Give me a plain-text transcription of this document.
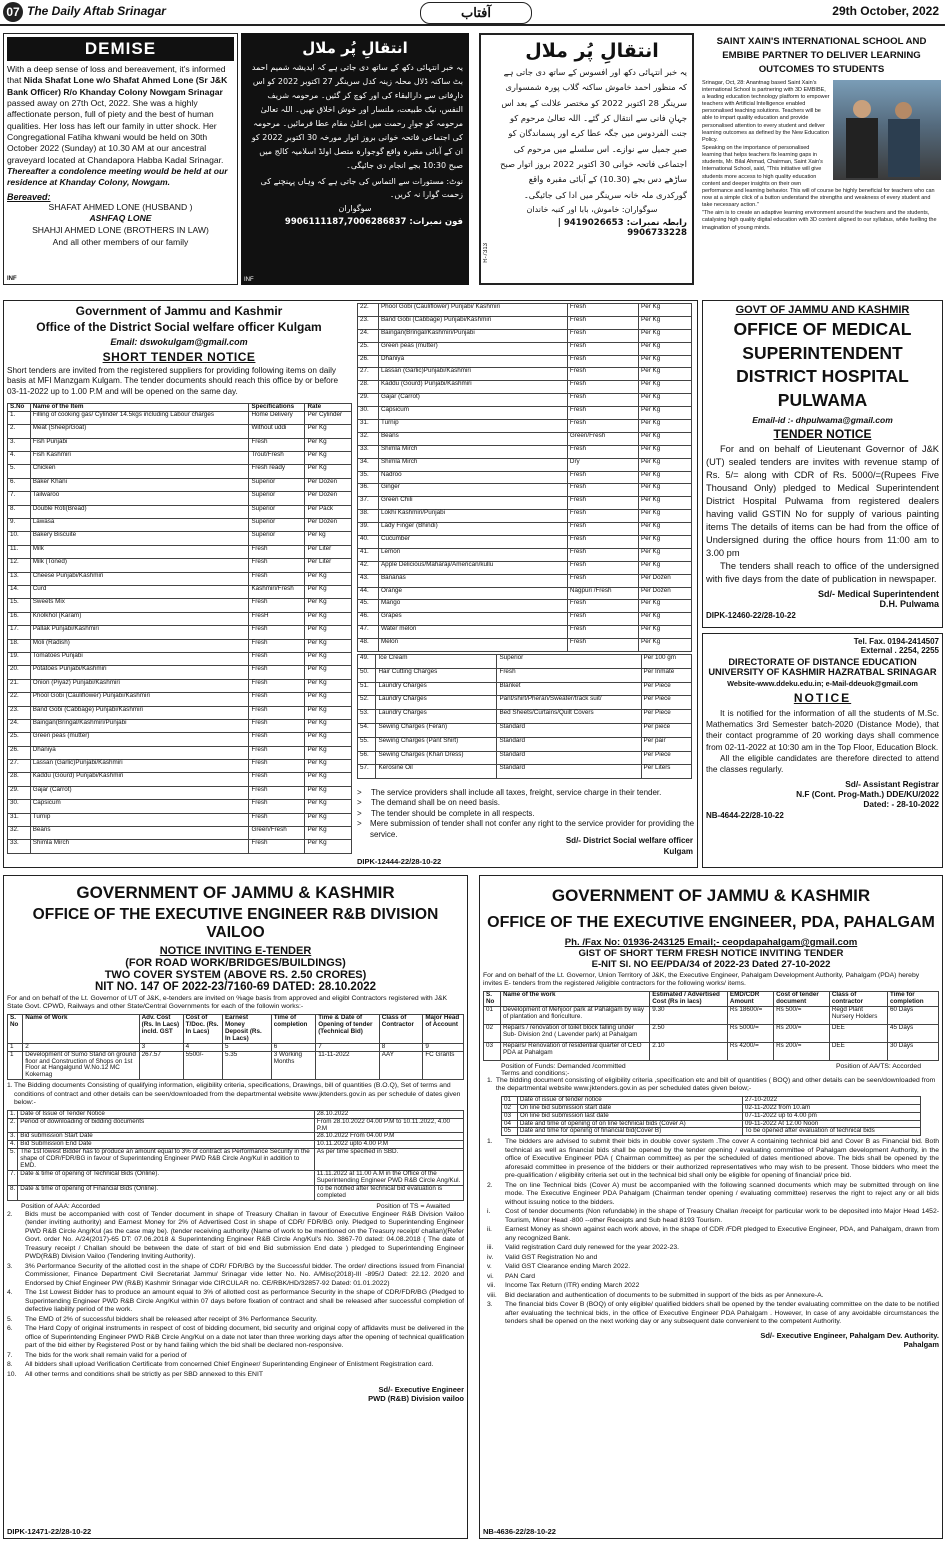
07 The Daily Aftab Srinagar	آفتاب	29th October, 2022
DEMISE
With a deep sense of loss and bereavement, it's informed that Nida Shafat Lone w/o Shafat Ahmed Lone (Sr J&K Bank Officer) R/o Khanday Colony Nowgam Srinagar passed away on 27th Oct, 2022. She was a highly affectionate person, full of piety and the best of human qualities. Her loss has left our family in utter shock. Her Congregational Fatiha khwani would be held on 30th October 2022 (Sunday) at 10.30 AM at our ancestral graveyard located at Chandapora Habba Kadal Srinagar. Thereafter a condolence meeting would be held at our residence at Khanday Colony, Nowgam.
Bereaved:
SHAFAT AHMED LONE (HUSBAND )
ASHFAQ LONE
SHAHJI AHMED LONE (BROTHERS IN LAW)
And all other members of our family
INF
انتقالِ پُر ملال
یہ خبر انتہائی دکھ کے ساتھ دی جاتی ہے کہ ایدیشہ شمیم احمد بٹ ساکنہ ڈلال محلہ زینہ کدل سرینگر 27 اکتوبر 2022 کو اس دارِفانی سے دارالبقاء کی اور کوچ کر گئیں۔ مرحومہ شریف النفس، نیک طبیعت، ملنسار اور خوش اخلاق تھیں۔ اللہ تعالیٰ مرحومہ کو جوارِ رحمت میں اعلیٰ مقام عطا فرمائیں۔ مرحومہ کی اجتماعی فاتحہ خوانی بروز اتوار مورخہ 30 اکتوبر 2022 کو ان کے آبائی مقبرہ واقع گوجوارہ متصل اولڈ اسلامیہ کالج میں صبح 10:30 بجے انجام دی جائیگی۔
نوٹ: مستورات سے التماس کی جاتی ہے کہ وہاں پہنچنے کی زحمت گوارا نہ کریں۔
سوگواران
فون نمبرات: 9906111187,7006286837
INF
انتقالِ پُر ملال
یہ خبر انتہائی دکھ اور افسوس کے ساتھ دی جاتی ہے کہ منظور احمد خاموش ساکنہ گلاب پورہ شمسواری سرینگر 28 اکتوبر 2022 کو مختصر علالت کے بعد اس جہانِ فانی سے انتقال کر گئے۔ اللہ تعالیٰ مرحوم کو جنت الفردوس میں جگہ عطا کرے اور پسماندگان کو صبرِ جمیل سے نوازے۔ اس سلسلے میں مرحوم کی اجتماعی فاتحہ خوانی 30 اکتوبر 2022 بروز اتوار صبح ساڑھے دس بجے (10.30) کے آبائی مقبرہ واقع گورکدری ملہ خانہ سرینگر میں ادا کی جائیگی۔
سوگواران: خاموش، بابا اور کنبہ خاندان
رابطہ نمبرات: 9419026653 | 9906733228
R-7313
SAINT XAIN'S INTERNATIONAL SCHOOL AND EMBIBE PARTNER TO DELIVER LEARNING OUTCOMES TO STUDENTS
Srinagar, Oct, 28: Anantnag based Saint Xain's international School is partnering with 3D EMBIBE, a leading education technology platform to empower teachers with Artificial Intelligence enabled personalised teaching solutions. Teachers will be able to impart quality education and provide personalised attention to every student and deliver learning outcomes as defined by the New Education Policy.
Speaking on the importance of personalised learning that helps teachers fix learning gaps in students, Mr. Bilal Ahmad, Chairman, Saint Xain's International School, said, "This initiative will give students more access to high quality education content and deeper insights on their own performance and learning behavior. This will of course be highly beneficial for teachers who can now at a simple click of a button understand the strengths and weakness of every student and take necessary action."
"The aim is to create an adaptive learning environment around the teachers and the students, catalysing high quality digital education with 3D content aligned to our syllabus, while fuelling the imagination of young minds.
Government of Jammu and Kashmir
Office of the District Social welfare officer Kulgam
Email: dswokulgam@gmail.com
SHORT TENDER NOTICE
Short tenders are invited from the registered suppliers for providing following items on daily basis at MFI Manzgam Kulgam. The tender documents should reach this office by or before 03-11-2022 up to 1.00 P.M and will be opened on the same day.
S.No	Name of the Item	Specifications	Rate
1.	Filling of cooking gas/ Cylinder 14.5kgs including Labour charges	Home Delivery	Per Cylinder
2.	Meat (Sheep/Goat)	Without uddi	Per Kg
3.	Fish Punjabi	Fresh	Per Kg
4.	Fish Kashmiri	Trout/Fresh	Per Kg
5.	Chicken	Fresh ready	Per Kg
6.	Baker Khani	Superior	Per Dozen
7.	Tailwaroo	Superior	Per Dozen
8.	Double Roti(Bread)	Superior	Per Pack
9.	Lawasa	Superior	Per Dozen
10.	Bakery Biscuite	Superior	Per kg
11.	Milk	Fresh	Per Liter
12.	Milk (Toned)	Fresh	Per Liter
13.	Cheese Punjabi/Kashmiri	Fresh	Per Kg
14.	Curd	Kashmiri/Fresh	Per Kg
15.	Sweets Mix	Fresh	Per Kg
16.	Knolkhol (Karam)	FresH	Per Kg
17.	Pallak Punjabi/Kashmiri	Fresh	Per Kg
18.	Moli (Radish)	Fresh	Per Kg
19.	Tomatoes Punjabi	Fresh	Per Kg
20.	Potatoes Punjabi/Kashmiri	Fresh	Per Kg
21.	Onion (Piyaz) Punjabi/Kashmiri	Fresh	Per Kg
22.	Phool Gobi (Cauliflower) Punjabi/Kashmiri	Fresh	Per Kg
23.	Band Gobi (Cabbage) Punjabi/Kashmiri	Fresh	Per Kg
24.	Baingan(Bringal/Kashmiri/Punjabi	Fresh	Per Kg
25.	Green peas (mutter)	Fresh	Per Kg
26.	Dhaniya	Fresh	Per Kg
27.	Lassan (Garlic)Punjabi/Kashmiri	Fresh	Per Kg
28.	Kaddu (Gourd) Punjabi/Kashmiri	Fresh	Per Kg
29.	Gajar (Carrot)	Fresh	Per Kg
30.	Capsicum	Fresh	Per Kg
31.	Turnip	Fresh	Per Kg
32.	Beans	Green/Fresh	Per Kg
33.	Shimla Mirch	Fresh	Per Kg
22.	Phool Gobi (Cauliflower) Punjabi/ Kashmiri	Fresh	Per Kg
23.	Band Gobi (Cabbage) Punjabi/Kashmiri	Fresh	Per Kg
24.	Baingan(Bringal/Kashmiri/Punjabi	Fresh	Per Kg
25.	Green peas (mutter)	Fresh	Per Kg
26.	Dhaniya	Fresh	Per Kg
27.	Lassan (Garlic)Punjabi/Kashmiri	Fresh	Per Kg
28.	Kaddu (Gourd) Punjabi/Kashmiri	Fresh	Per Kg
29.	Gajar (Carrot)	Fresh	Per Kg
30.	Capsicum	Fresh	Per Kg
31.	Turnip	Fresh	Per Kg
32.	Beans	Green/Fresh	Per Kg
33.	Shimla Mirch	Fresh	Per Kg
34.	Shimla Mirch	Dry	Per Kg
35.	Nadroo	Fresh	Per Kg
36.	Ginger	Fresh	Per Kg
37.	Green Chili	Fresh	Per Kg
38.	Lokhi Kashmiri/Punjabi	Fresh	Per Kg
39.	Lady Finger (Bhindi)	Fresh	Per Kg
40.	Cucumber	Fresh	Per Kg
41.	Lemon	Fresh	Per Kg
42.	Apple Delicious/Maharaji/American/kullu	Fresh	Per Kg
43.	Bananas	Fresh	Per Dozen
44.	Orange	Nagpuri /Fresh	Per Dozen
45.	Mango	Fresh	Per Kg
46.	Grapes	Fresh	Per Kg
47.	Water melon	Fresh	Per Kg
48.	Melon	Fresh	Per Kg
49.	Ice Cream	Superior	Per 100 gm
50.	Hair Cutting Charges	Fresh	Per Inmate
51.	Laundry Charges	Blanket	Per Piece
52.	Laundry Charges	Pant/shirt/Pheran/Sweater/track suit/	Per Piece
53.	Laundry Charges	Bed Sheets/Curtains/Quilt Covers	Per Piece
54.	Sewing Charges (Feran)	Standard	Per piece
55.	Sewing Charges (Pant Shirt)	Standard	Per pair
56.	Sewing Charges (Khan Dress)	Standard	Per Piece
57.	Kerosine Oil	Standard	Per Liters
>	The service providers shall include all taxes, freight, service charge in their tender.
>	The demand shall be on need basis.
>	The tender should be complete in all respects.
>	Mere submission of tender shall not confer any right to the service provider for providing the service.
Sd/- District Social welfare officer
Kulgam
DIPK-12444-22/28-10-22
GOVT OF JAMMU AND KASHMIR
OFFICE OF MEDICAL SUPERINTENDENT DISTRICT HOSPITAL PULWAMA
Email-id :- dhpulwama@gmail.com
TENDER NOTICE
For and on behalf of Lieutenant Governor of J&K (UT) sealed tenders are invites with revenue stamp of Rs. 5/= along with CDR of Rs. 5000/=(Rupees Five Thousand Only) pledged to Medical Superintendent District Hospital Pulwama from registered dealers having valid GSTIN No for supply of various painting items The details of items can be had from the office of Undersigned during the office hours from 11:00 am to 3.00 pm
The tenders shall reach to office of the undersigned with five days from the date of publication in newspaper.
Sd/- Medical Superintendent
D.H. Pulwama
DIPK-12460-22/28-10-22
Tel. Fax. 0194-2414507
External . 2254, 2255
DIRECTORATE OF DISTANCE EDUCATION
UNIVERSITY OF KASHMIR HAZRATBAL SRINAGAR
Website-www.ddeku.edu.in; e-Mail-ddeuok@gmail.com
NOTICE
It is notified for the information of all the students of M.Sc. Mathematics 3rd Semester batch-2020 (Distance Mode), that their contact programme of 20 working days shall commence from 02-11-2022 at 10:30 am in the Top Floor, Education Block.
All the eligible candidates are therefore directed to attend the classes regularly.
Sd/- Assistant Registrar
N.F (Cont. Prog-Math.) DDE/KU/2022
Dated: - 28-10-2022
NB-4644-22/28-10-22
GOVERNMENT OF JAMMU & KASHMIR
OFFICE OF THE EXECUTIVE ENGINEER R&B DIVISION VAILOO
NOTICE INVITING E-TENDER
(FOR ROAD WORK/BRIDGES/BUILDINGS)
TWO COVER SYSTEM (ABOVE RS. 2.50 CRORES)
NIT NO. 147 OF 2022-23/7160-69 DATED: 28.10.2022
For and on behalf of the Lt. Governor of UT of J&K, e-tenders are invited on %age basis from approved and eligibl Contractors registered with J&K State Govt. CPWD, Railways and other State/Central Governments for each of the followin works:-
S. No	Name of Work	Adv. Cost (Rs. In Lacs) incld. GST	Cost of T/Doc. (Rs. In Lacs)	Earnest Money Deposit (Rs. In Lacs)	Time of completion	Time & Date of Opening of tender (Technical Bid)	Class of Contractor	Major Head of Account
1	2	3	4	5	6	7	8	9
1	Development of Sumo Stand on ground floor and Construction of Shops on 1st Floor at Hangalgund W.No.12 MC Kokernag	267.57	5500/-	5.35	3 Working Months	11-11-2022	AAY	FC Grants
1. The Bidding documents Consisting of qualifying information, eligibility criteria, specifications, Drawings, bill of quantities (B.O.Q), Set of terms and conditions of contract and other details can be seen/downloaded from the departmental website www.jktenders.gov.in as per schedule of dates given below:-
1.	Date of Issue of Tender Notice	28.10.2022
2.	Period of downloading of bidding documents	From 28.10.2022 04.00 P.M to 10.11.2022, 4.00 P.M
3.	Bid submission Start Date	28.10.2022 From 04.00 P.M
4.	Bid Submission End Date	10.11.2022 upto 4.00 P.M
5.	The 1st lowest Bidder has to produce an amount equal to 3% of contract as Performance Security in the shape of CDR/FDR/BG in favour of Superintending Engineer PWD R&B Circle Ang/Kul in addition to EMD.	As per time specified in SBD.
7.	Date & time of opening of Technical Bids (Online).	11.11.2022 at 11.00 A.M in the Office of the Superintending Engineer PWD R&B Circle Ang/Kul.
8.	Date & time of opening of Financial Bids (Online).	To be notified after technical bid evaluation is completed
Position of AAA: Accorded	Position of TS = Awaited
2.	Bids must be accompanied with cost of Tender document in shape of Treasury Challan in favour of Executive Engineer R&B Division Vailoo (tender inviting authority) and Earnest Money for 2% of Advertised Cost in shape of CDR/ FDR/BG only. Pledged to Superintending Engineer PWD R&B Circle Ang/Kul (as the case may be). (tender receiving authority (Name of work to be mentioned on the Treasury receipt/ challan)(Refer Govt. order No. A/24(2017)-65 DT: 07.06.2018 & Superintending Engineer R&B Circle Ang/Kul's No. 3867-70 dated: 04.08.2018 ( The date of Treasury receipt / Challan should be between the date of start of bid end Bid submission End date ) pledged to Superintending Engineer PWD(R&B) Division Vailoo (Tendering Inviting Authority).
3.	3% Performance Security of the allotted cost in the shape of CDR/ FDR/BG by the Successful bidder. The order/ directions issued from Financial Commissioner, Finance Department Civil Secretariat Jammu/ Srinagar vide letter No. No. A/Misc(2018)-III -895/J Dated: 22.12. 2020 and Endorsed by Chief Engineer PW (R&B) Kashmir Srinagar vide CIRCULAR no. CE/RBK/HD/32857-92 Dated: 01.01.2022)
4.	The 1st Lowest Bidder has to produce an amount equal to 3% of allotted cost as performance Security in the shape of CDR/FDR/BG (Pledged to Superintending Engineer PWD R&B Circle Ang/Kul within 07 days before fixation of contract and shall be released after successful completion of defective liability period of the work.
5.	The EMD of 2% of successful bidders shall be released after receipt of 3% Performance Security.
6.	The Hard Copy of original instruments in respect of cost of bidding document, bid security and original copy of affidavits must be delivered in the office of Superintending Engineer PWD R&B Circle Ang/Kul on a date not later than three working days after the opening of technical qualification part of the bid either by Registered Post or by hand failing which the bid shall be declared non-responsive.
7.	The bids for the work shall remain valid for a period of
8.	All bidders shall upload Verification Certificate from concerned Chief Engineer/ Superintending Engineer of Enlistment Registration card.
10.	All other terms and conditions shall be strictly as per SBD annexed to this ENIT
Sd/- Executive Engineer
PWD (R&B) Division vailoo
DIPK-12471-22/28-10-22
GOVERNMENT OF JAMMU & KASHMIR
OFFICE OF THE EXECUTIVE ENGINEER, PDA, PAHALGAM
Ph. /Fax No: 01936-243125 Email;- ceopdapahalgam@gmail.com
GIST OF SHORT TERM FRESH NOTICE INVITING TENDER
E-NIT Sl. NO EE/PDA/34 of 2022-23 Dated 27-10-2022
For and on behalf of the Lt. Governor, Union Territory of J&K, the Executive Engineer, Pahalgam Development Authority, Pahalgam (PDA) hereby invites E- tenders from the registered /eligible contractors for the following works/ items.
S. No	Name of the work	Estimated / Advertised Cost (Rs in lacs)	EMD/CDR Amount	Cost of tender document	Class of contractor	Time for completion
01	Development of Mehjoor park at Pahalgam by way of plantation and floriculture.	9.30	Rs 18600/=	Rs 500/=	Regd Plant Nursery Holders	60 Days
02	Repairs / renovation of toilet block falling under Sub- Division 2nd ( Lavender park) at Pahalgam	2.50	Rs 5000/=	Rs 200/=	DEE	45 Days
03	Repairs/ Renovation of residential quarter of CEO PDA at Pahalgam	2.10	Rs 4200/=	Rs 200/=	DEE	30 Days
Position of Funds: Demanded /committed	Position of AA/TS: Accorded
Terms and conditions;-
1. The bidding document consisting of eligibility criteria ,specification etc and bill of quantities ( BOQ) and other details can be seen/downloaded from the departmental website www.jktenders.gov.in as per scheduled dates given below;-
01	Date of issue of tender notice	27-10-2022
02	On line bid submission start date	02-11-2022 from 10.am
03	On line bid submission last date	07-11-2022 up to 4.00 pm
04	Date and time of opening of on line technical bids (Cover A)	09-11-2022 At 12.00 Noon
05	Date and time for opening of financial bid(Cover B)	To be opened after evaluation of technical bids
1.	The bidders are advised to submit their bids in double cover system .The cover A containing technical bid and Cover B as Financial bid. Both technical as well as financial bids shall be opened by the tender opening / evaluating committee of Pahalgam development Authority, in the office of Executive Engineer PDA ( Chairman committee) as per the scheduled of dates mentioned above. The bids shall be opened by the aforesaid committee in presence of the bidders or their authorized representatives who may wish to be present. Those bidders who meet the pre-qualification / eligibility criteria set out in the technical bid shall only be eligible for opening of financial/ price bid.
2.	The on line Technical bids (Cover A) must be accompanied with the following scanned documents which may be submitted through on line mode. The Executive Engineer PDA Pahalgam (Chairman tender opening / evaluating committee) reserves the right to reject any or all bids without issuing notice to the bidders.
i.	Cost of tender documents (Non refundable) in the shape of Treasury Challan /receipt for particular work to be deposited into Major Head 1452-Tourism, Minor Head -800 --other Receipts and Sub head 8193 Tourism.
ii.	Earnest Money as shown against each work above, in the shape of CDR /FDR pledged to Executive Engineer, PDA, and Pahalgam, drawn from any recognized Bank.
iii.	Valid registration Card duly renewed for the year 2022-23.
iv.	Valid GST Registration No and
v.	Valid GST Clearance ending March 2022.
vi.	PAN Card
vii.	Income Tax Return (ITR) ending March 2022
viii.	Bid declaration and authentication of documents to be submitted in support of the bids as per Annexure-A.
3.	The financial bids Cover B (BOQ) of only eligible/ qualified bidders shall be opened by the tender evaluating committee on the date to be notified after evaluating the technical bids, in the office of Executive Engineer PDA Pahalgam . However, In case of any avoidable circumstances the tenders shall be opened on the next working day or any subsequent date convenient to the competent Authority.
Sd/- Executive Engineer, Pahalgam Dev. Authority.
Pahalgam
NB-4636-22/28-10-22
